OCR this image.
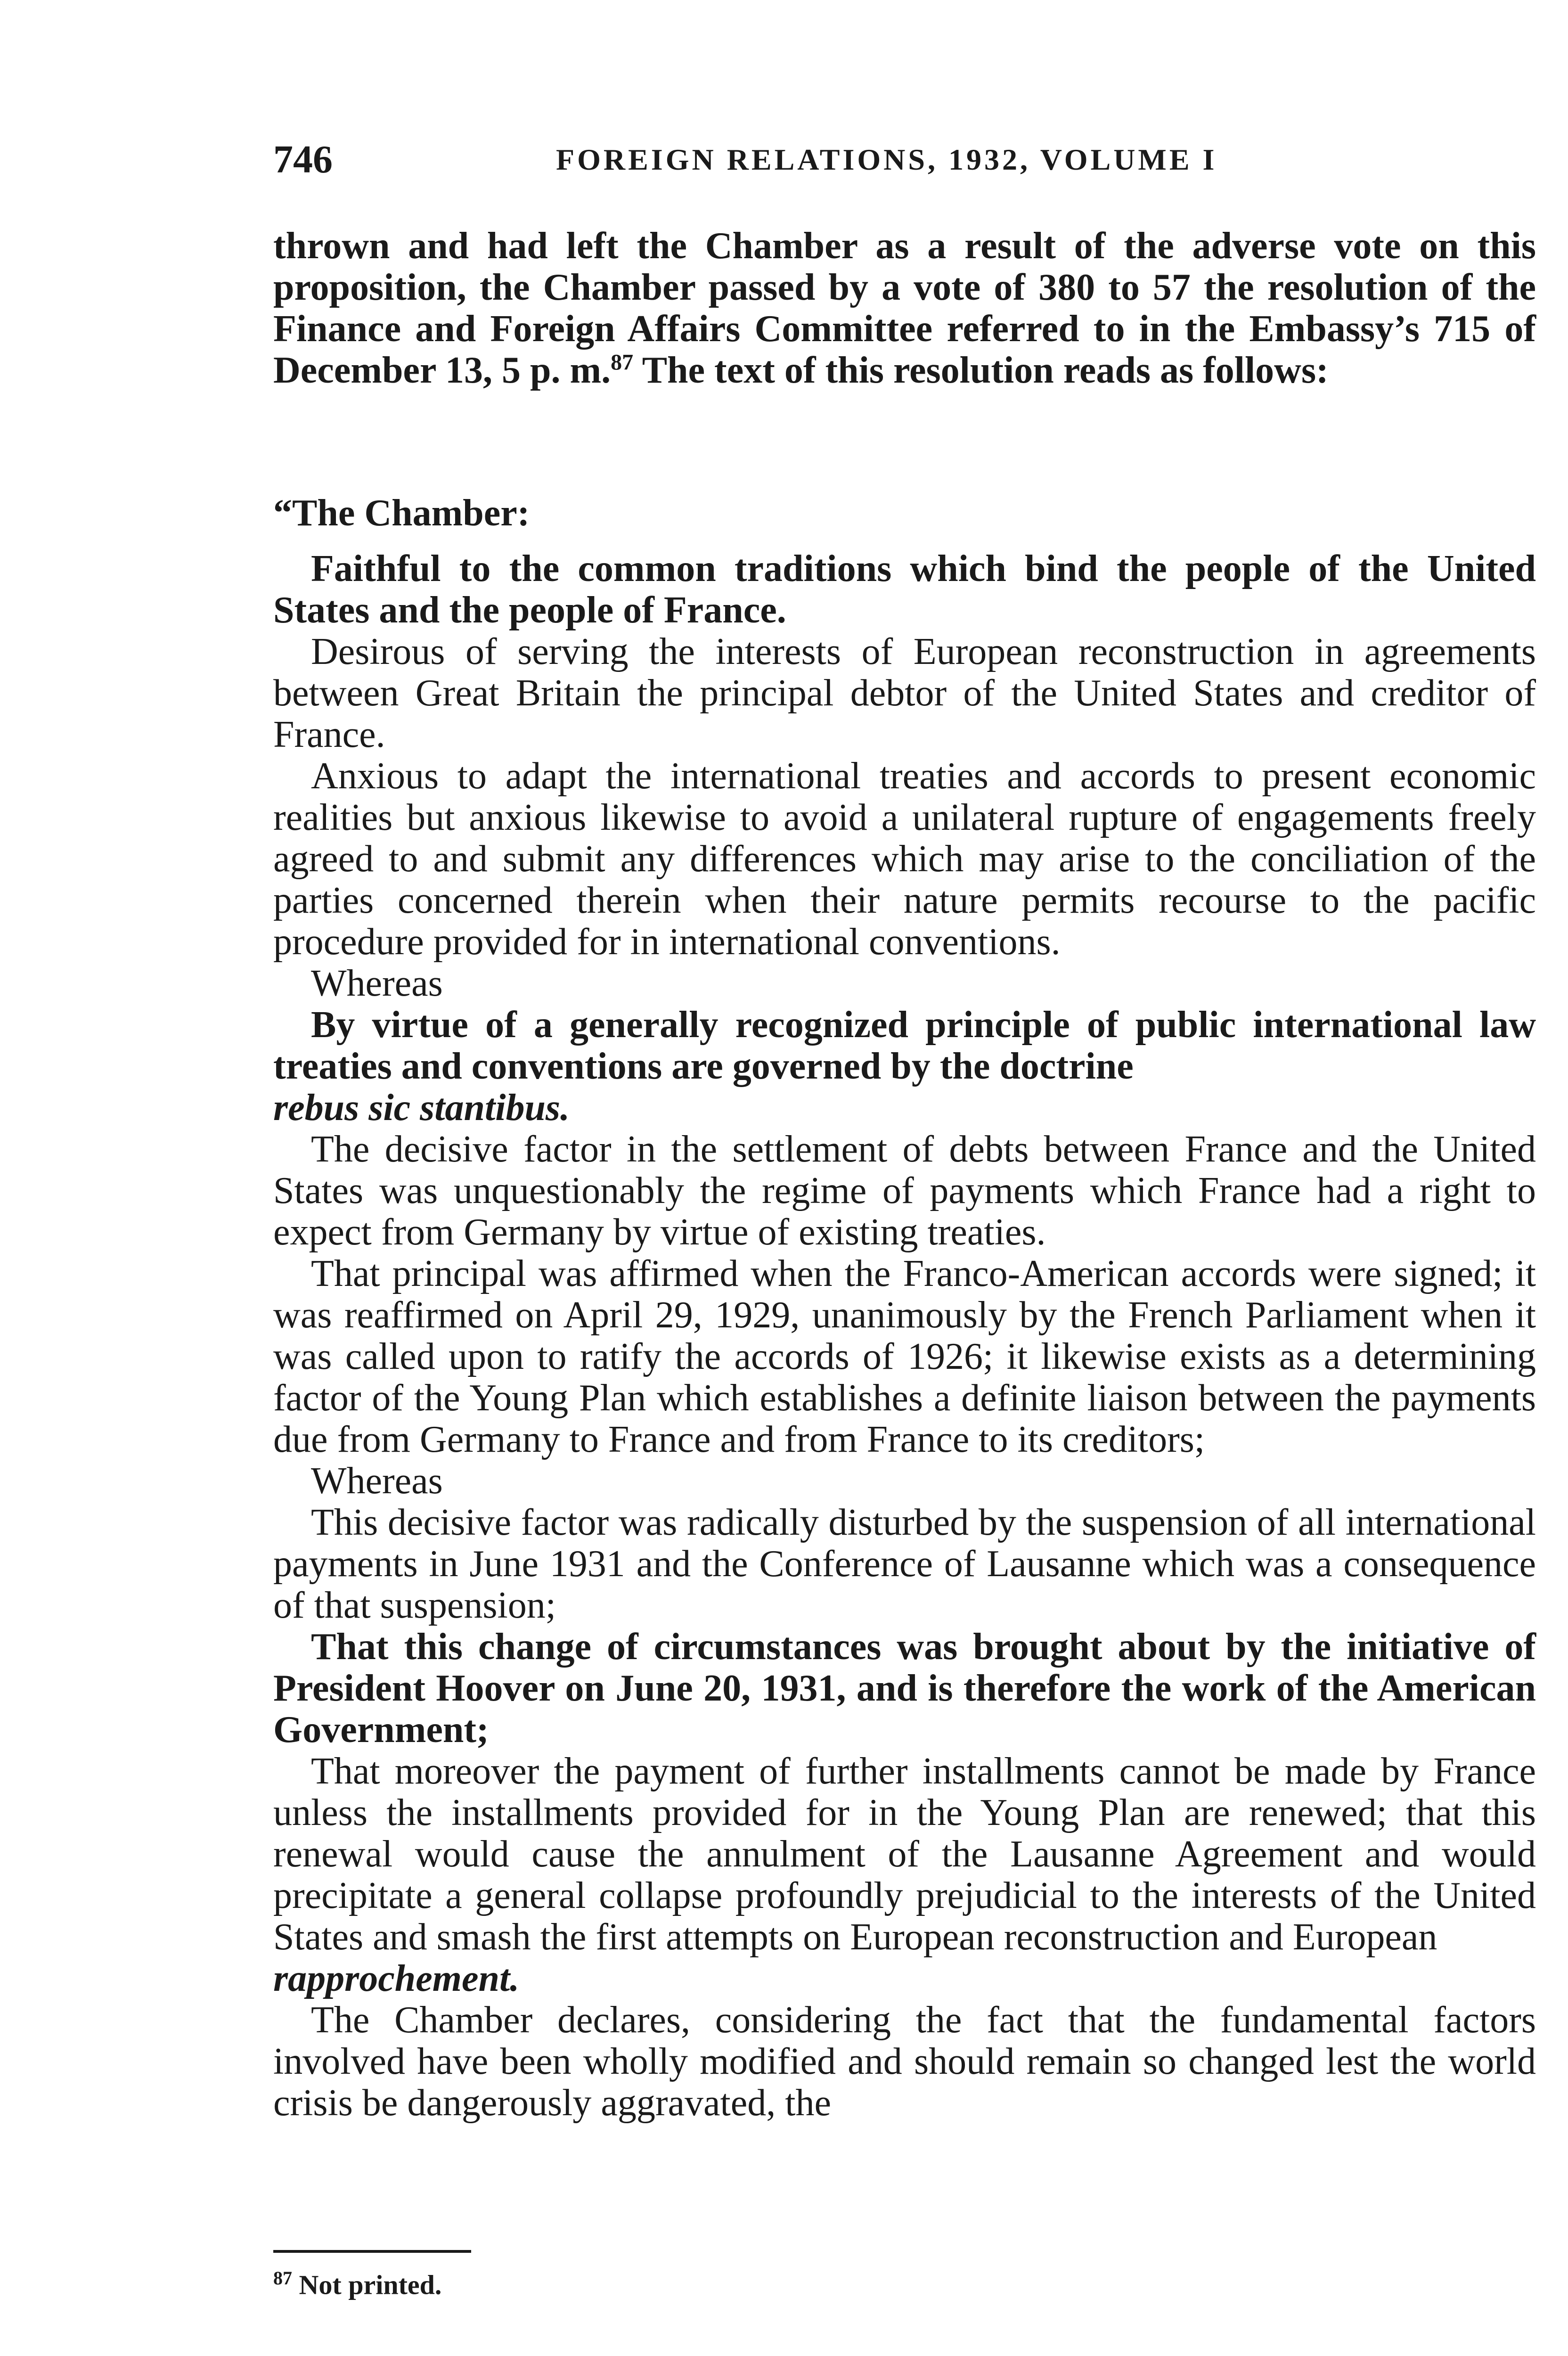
746	FOREIGN RELATIONS, 1932, VOLUME I

thrown and had left the Chamber as a result of the adverse vote on this proposition, the Chamber passed by a vote of 380 to 57 the resolution of the Finance and Foreign Affairs Committee referred to in the Embassy’s 715 of December 13, 5 p. m.$^{87}$ The text of this resolution reads as follows:

“The Chamber:

Faithful to the common traditions which bind the people of the United States and the people of France.

Desirous of serving the interests of European reconstruction in agreements between Great Britain the principal debtor of the United States and creditor of France.

Anxious to adapt the international treaties and accords to present economic realities but anxious likewise to avoid a unilateral rupture of engagements freely agreed to and submit any differences which may arise to the conciliation of the parties concerned therein when their nature permits recourse to the pacific procedure provided for in international conventions.

Whereas

By virtue of a generally recognized principle of public international law treaties and conventions are governed by the doctrine
rebus sic stantibus.

The decisive factor in the settlement of debts between France and the United States was unquestionably the regime of payments which France had a right to expect from Germany by virtue of existing treaties.

That principal was affirmed when the Franco-American accords were signed; it was reaffirmed on April 29, 1929, unanimously by the French Parliament when it was called upon to ratify the accords of 1926; it likewise exists as a determining factor of the Young Plan which establishes a definite liaison between the payments due from Germany to France and from France to its creditors;

Whereas

This decisive factor was radically disturbed by the suspension of all international payments in June 1931 and the Conference of Lausanne which was a consequence of that suspension;

That this change of circumstances was brought about by the initiative of President Hoover on June 20, 1931, and is therefore the work of the American Government;

That moreover the payment of further installments cannot be made by France unless the installments provided for in the Young Plan are renewed; that this renewal would cause the annulment of the Lausanne Agreement and would precipitate a general collapse profoundly prejudicial to the interests of the United States and smash the first attempts on European reconstruction and European
rapprochement.

The Chamber declares, considering the fact that the fundamental factors involved have been wholly modified and should remain so changed lest the world crisis be dangerously aggravated, the

$^{87}$ Not printed.
